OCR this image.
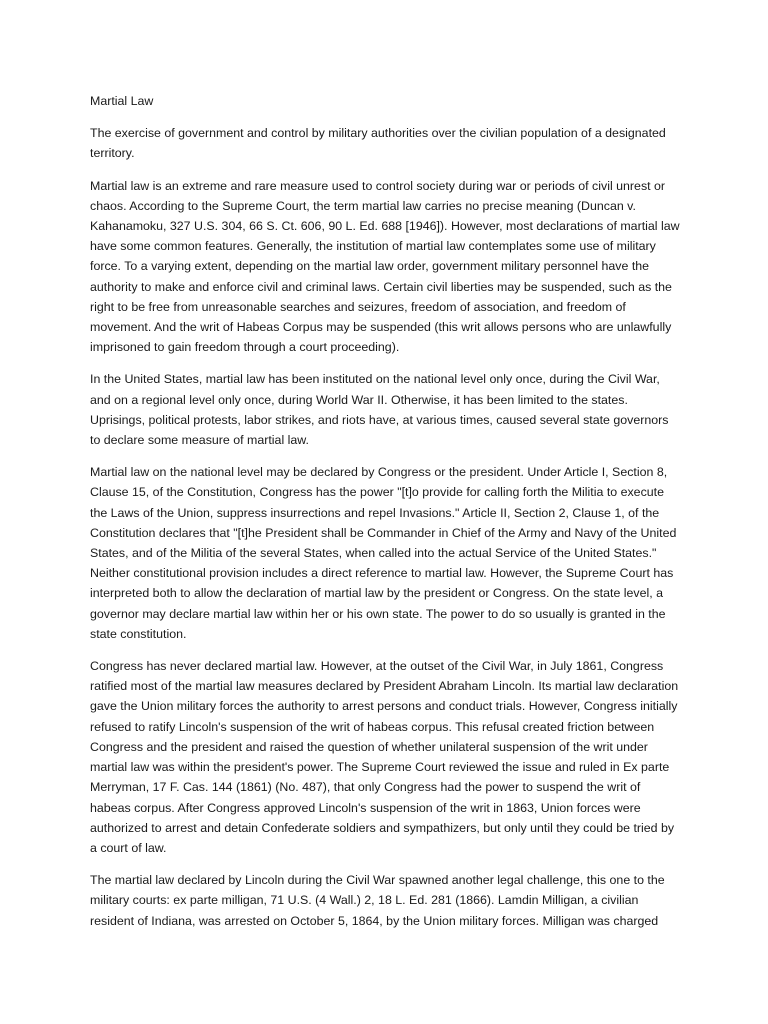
Martial Law

The exercise of government and control by military authorities over the civilian population of a designated territory.

Martial law is an extreme and rare measure used to control society during war or periods of civil unrest or chaos. According to the Supreme Court, the term martial law carries no precise meaning (Duncan v. Kahanamoku, 327 U.S. 304, 66 S. Ct. 606, 90 L. Ed. 688 [1946]). However, most declarations of martial law have some common features. Generally, the institution of martial law contemplates some use of military force. To a varying extent, depending on the martial law order, government military personnel have the authority to make and enforce civil and criminal laws. Certain civil liberties may be suspended, such as the right to be free from unreasonable searches and seizures, freedom of association, and freedom of movement. And the writ of Habeas Corpus may be suspended (this writ allows persons who are unlawfully imprisoned to gain freedom through a court proceeding).

In the United States, martial law has been instituted on the national level only once, during the Civil War, and on a regional level only once, during World War II. Otherwise, it has been limited to the states. Uprisings, political protests, labor strikes, and riots have, at various times, caused several state governors to declare some measure of martial law.

Martial law on the national level may be declared by Congress or the president. Under Article I, Section 8, Clause 15, of the Constitution, Congress has the power "[t]o provide for calling forth the Militia to execute the Laws of the Union, suppress insurrections and repel Invasions." Article II, Section 2, Clause 1, of the Constitution declares that "[t]he President shall be Commander in Chief of the Army and Navy of the United States, and of the Militia of the several States, when called into the actual Service of the United States." Neither constitutional provision includes a direct reference to martial law. However, the Supreme Court has interpreted both to allow the declaration of martial law by the president or Congress. On the state level, a governor may declare martial law within her or his own state. The power to do so usually is granted in the state constitution.

Congress has never declared martial law. However, at the outset of the Civil War, in July 1861, Congress ratified most of the martial law measures declared by President Abraham Lincoln. Its martial law declaration gave the Union military forces the authority to arrest persons and conduct trials. However, Congress initially refused to ratify Lincoln's suspension of the writ of habeas corpus. This refusal created friction between Congress and the president and raised the question of whether unilateral suspension of the writ under martial law was within the president's power. The Supreme Court reviewed the issue and ruled in Ex parte Merryman, 17 F. Cas. 144 (1861) (No. 487), that only Congress had the power to suspend the writ of habeas corpus. After Congress approved Lincoln's suspension of the writ in 1863, Union forces were authorized to arrest and detain Confederate soldiers and sympathizers, but only until they could be tried by a court of law.

The martial law declared by Lincoln during the Civil War spawned another legal challenge, this one to the military courts: ex parte milligan, 71 U.S. (4 Wall.) 2, 18 L. Ed. 281 (1866). Lamdin Milligan, a civilian resident of Indiana, was arrested on October 5, 1864, by the Union military forces. Milligan was charged
